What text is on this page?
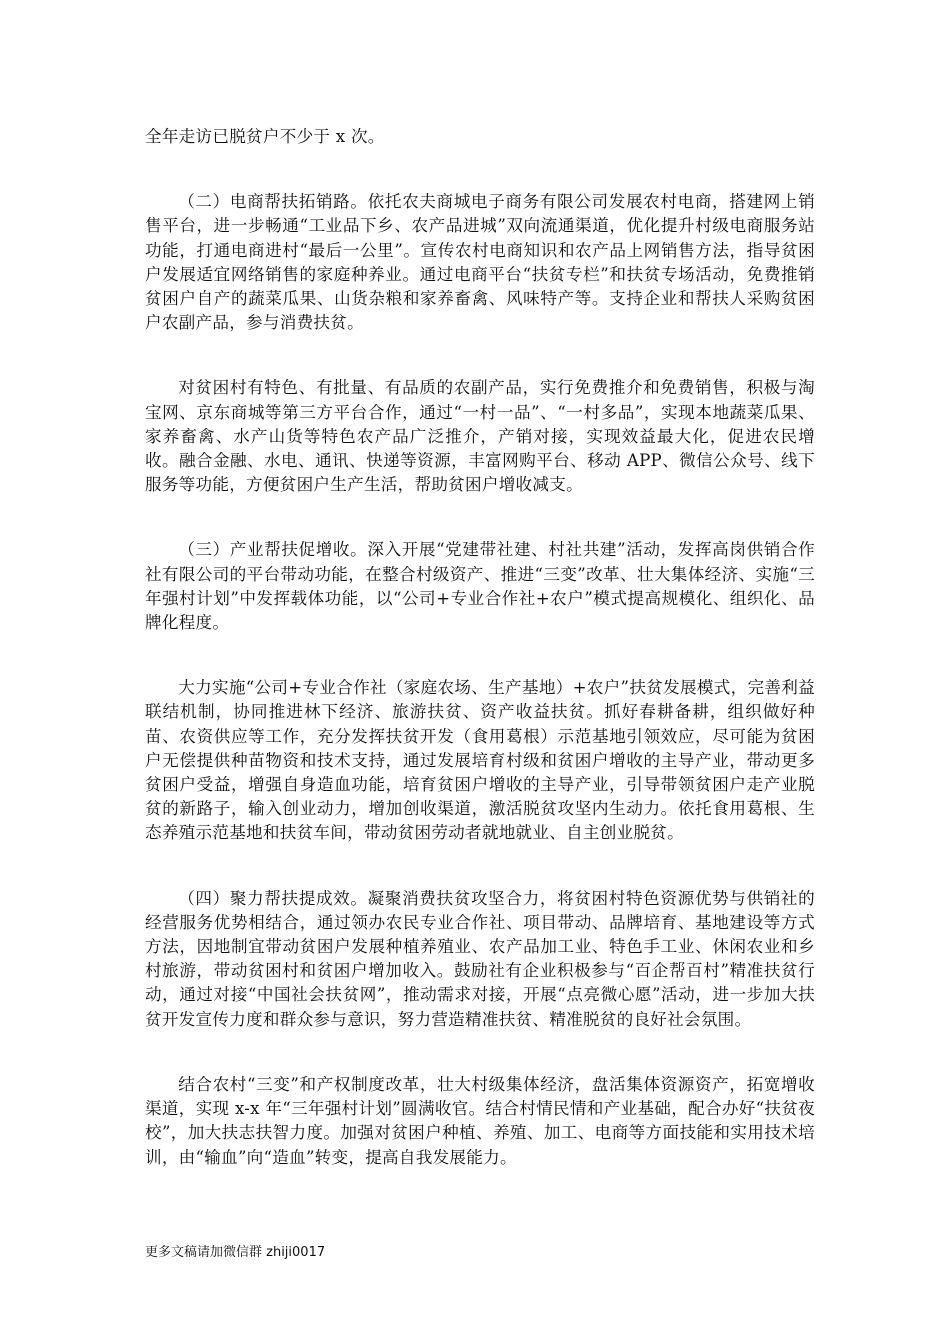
全年走访已脱贫户不少于 x 次。

（二）电商帮扶拓销路。依托农夫商城电子商务有限公司发展农村电商，搭建网上销售平台，进一步畅通“工业品下乡、农产品进城”双向流通渠道，优化提升村级电商服务站功能，打通电商进村“最后一公里”。宣传农村电商知识和农产品上网销售方法，指导贫困户发展适宜网络销售的家庭种养业。通过电商平台“扶贫专栏”和扶贫专场活动，免费推销贫困户自产的蔬菜瓜果、山货杂粮和家养畜禽、风味特产等。支持企业和帮扶人采购贫困户农副产品，参与消费扶贫。

对贫困村有特色、有批量、有品质的农副产品，实行免费推介和免费销售，积极与淘宝网、京东商城等第三方平台合作，通过“一村一品”、“一村多品”，实现本地蔬菜瓜果、家养畜禽、水产山货等特色农产品广泛推介，产销对接，实现效益最大化，促进农民增收。融合金融、水电、通讯、快递等资源，丰富网购平台、移动 APP、微信公众号、线下服务等功能，方便贫困户生产生活，帮助贫困户增收减支。

（三）产业帮扶促增收。深入开展“党建带社建、村社共建”活动，发挥高岗供销合作社有限公司的平台带动功能，在整合村级资产、推进“三变”改革、壮大集体经济、实施“三年强村计划”中发挥载体功能，以“公司+专业合作社+农户”模式提高规模化、组织化、品牌化程度。

大力实施“公司+专业合作社（家庭农场、生产基地）+农户”扶贫发展模式，完善利益联结机制，协同推进林下经济、旅游扶贫、资产收益扶贫。抓好春耕备耕，组织做好种苗、农资供应等工作，充分发挥扶贫开发（食用葛根）示范基地引领效应，尽可能为贫困户无偿提供种苗物资和技术支持，通过发展培育村级和贫困户增收的主导产业，带动更多贫困户受益，增强自身造血功能，培育贫困户增收的主导产业，引导带领贫困户走产业脱贫的新路子，输入创业动力，增加创收渠道，激活脱贫攻坚内生动力。依托食用葛根、生态养殖示范基地和扶贫车间，带动贫困劳动者就地就业、自主创业脱贫。

（四）聚力帮扶提成效。凝聚消费扶贫攻坚合力，将贫困村特色资源优势与供销社的经营服务优势相结合，通过领办农民专业合作社、项目带动、品牌培育、基地建设等方式方法，因地制宜带动贫困户发展种植养殖业、农产品加工业、特色手工业、休闲农业和乡村旅游，带动贫困村和贫困户增加收入。鼓励社有企业积极参与“百企帮百村”精准扶贫行动，通过对接“中国社会扶贫网”，推动需求对接，开展“点亮微心愿”活动，进一步加大扶贫开发宣传力度和群众参与意识，努力营造精准扶贫、精准脱贫的良好社会氛围。

结合农村“三变”和产权制度改革，壮大村级集体经济，盘活集体资源资产，拓宽增收渠道，实现 x-x 年“三年强村计划”圆满收官。结合村情民情和产业基础，配合办好“扶贫夜校”，加大扶志扶智力度。加强对贫困户种植、养殖、加工、电商等方面技能和实用技术培训，由“输血”向“造血”转变，提高自我发展能力。

更多文稿请加微信群 zhiji0017
